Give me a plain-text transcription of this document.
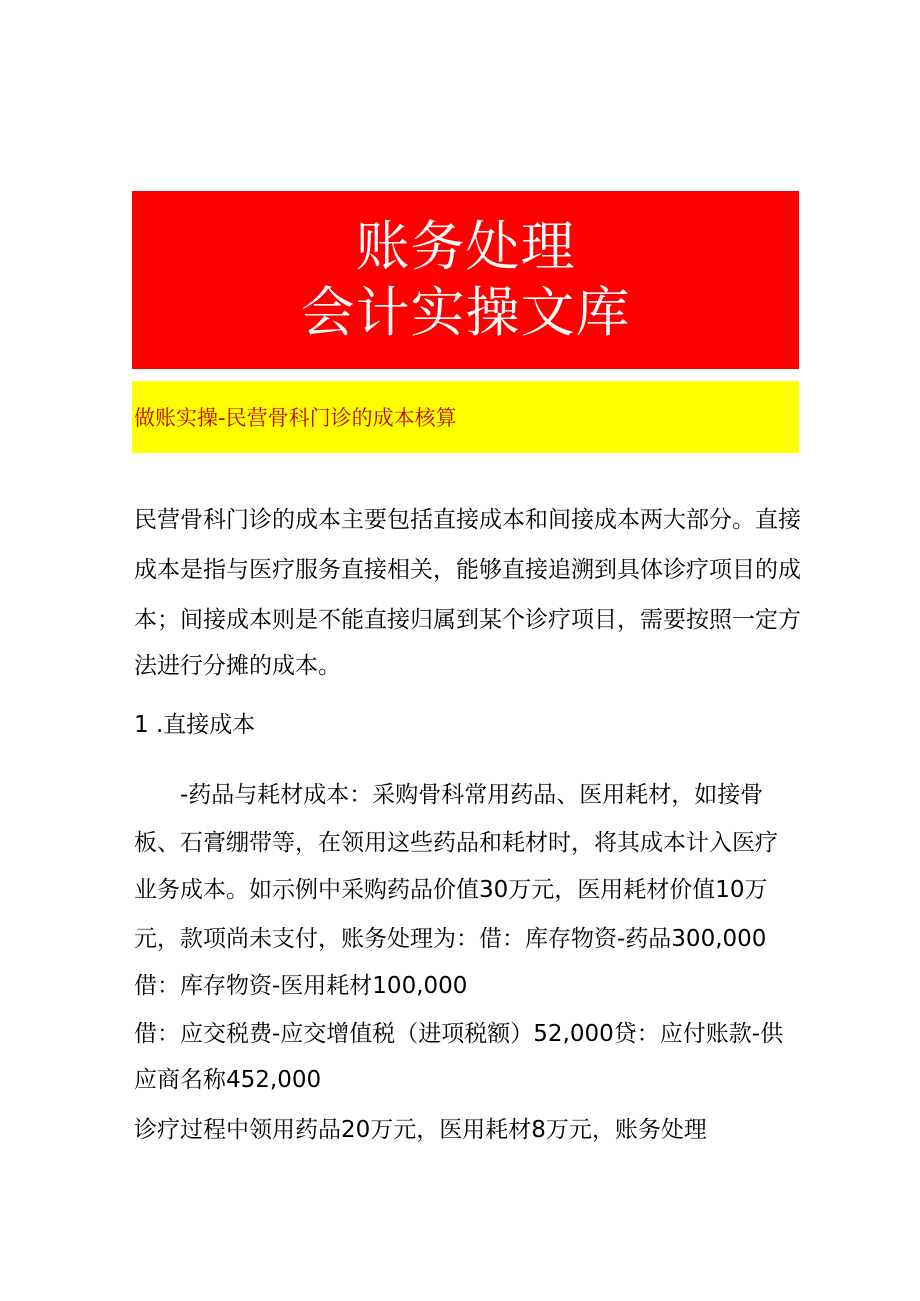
账务处理
会计实操文库
做账实操-民营骨科门诊的成本核算
民营骨科门诊的成本主要包括直接成本和间接成本两大部分。直接
成本是指与医疗服务直接相关，能够直接追溯到具体诊疗项目的成
本；间接成本则是不能直接归属到某个诊疗项目，需要按照一定方
法进行分摊的成本。
1 .直接成本
　　-药品与耗材成本：采购骨科常用药品、医用耗材，如接骨
板、石膏绷带等，在领用这些药品和耗材时，将其成本计入医疗
业务成本。如示例中采购药品价值30万元，医用耗材价值10万
元，款项尚未支付，账务处理为：借：库存物资-药品300,000
借：库存物资-医用耗材100,000
借：应交税费-应交增值税（进项税额）52,000贷：应付账款-供
应商名称452,000
诊疗过程中领用药品20万元，医用耗材8万元，账务处理
